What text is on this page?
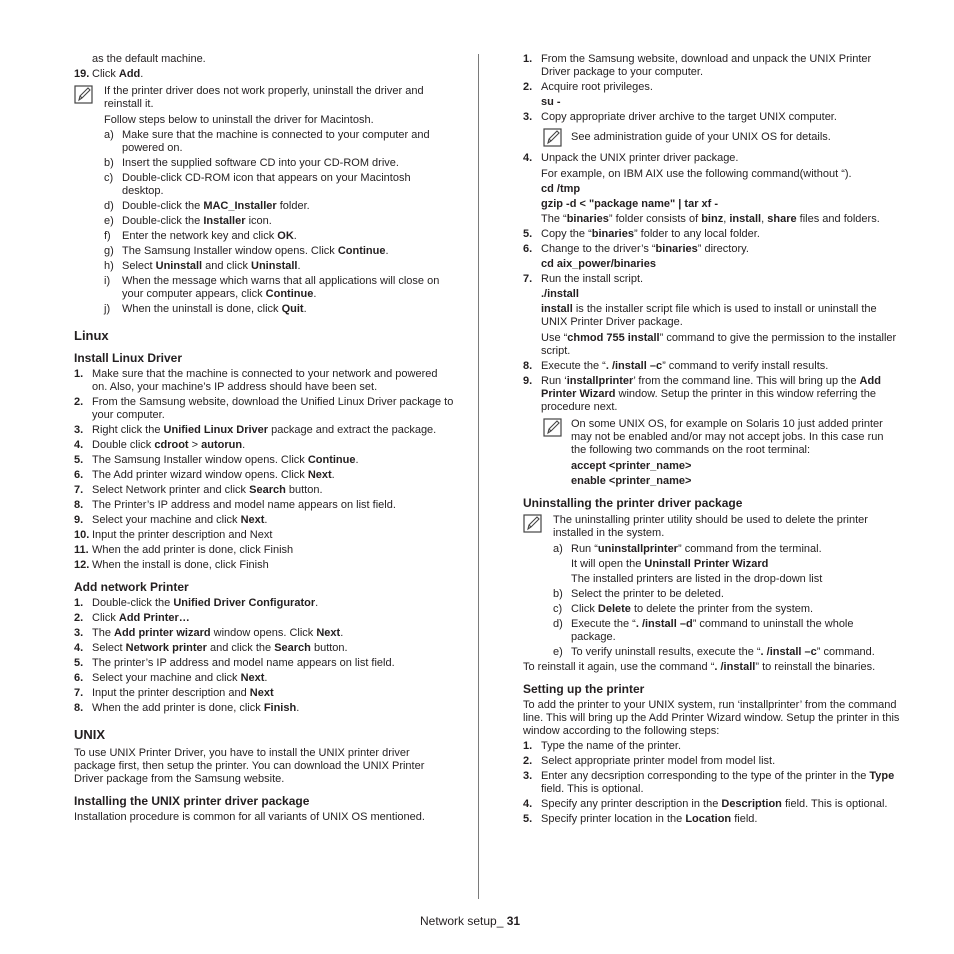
as the default machine.
19. Click Add.
If the printer driver does not work properly, uninstall the driver and reinstall it.
Follow steps below to uninstall the driver for Macintosh.
a) Make sure that the machine is connected to your computer and powered on.
b) Insert the supplied software CD into your CD-ROM drive.
c) Double-click CD-ROM icon that appears on your Macintosh desktop.
d) Double-click the MAC_Installer folder.
e) Double-click the Installer icon.
f) Enter the network key and click OK.
g) The Samsung Installer window opens. Click Continue.
h) Select Uninstall and click Uninstall.
i) When the message which warns that all applications will close on your computer appears, click Continue.
j) When the uninstall is done, click Quit.
Linux
Install Linux Driver
1. Make sure that the machine is connected to your network and powered on. Also, your machine’s IP address should have been set.
2. From the Samsung website, download the Unified Linux Driver package to your computer.
3. Right click the Unified Linux Driver package and extract the package.
4. Double click cdroot > autorun.
5. The Samsung Installer window opens. Click Continue.
6. The Add printer wizard window opens. Click Next.
7. Select Network printer and click Search button.
8. The Printer’s IP address and model name appears on list field.
9. Select your machine and click Next.
10. Input the printer description and Next
11. When the add printer is done, click Finish
12. When the install is done, click Finish
Add network Printer
1. Double-click the Unified Driver Configurator.
2. Click Add Printer…
3. The Add printer wizard window opens. Click Next.
4. Select Network printer and click the Search button.
5. The printer’s IP address and model name appears on list field.
6. Select your machine and click Next.
7. Input the printer description and Next
8. When the add printer is done, click Finish.
UNIX
To use UNIX Printer Driver, you have to install the UNIX printer driver package first, then setup the printer. You can download the UNIX Printer Driver package from the Samsung website.
Installing the UNIX printer driver package
Installation procedure is common for all variants of UNIX OS mentioned.
1. From the Samsung website, download and unpack the UNIX Printer Driver package to your computer.
2. Acquire root privileges.
su -
3. Copy appropriate driver archive to the target UNIX computer.
See administration guide of your UNIX OS for details.
4. Unpack the UNIX printer driver package.
For example, on IBM AIX use the following command(without “).
cd /tmp
gzip -d < "package name" | tar xf -
The “binaries” folder consists of binz, install, share files and folders.
5. Copy the “binaries” folder to any local folder.
6. Change to the driver’s “binaries” directory.
cd aix_power/binaries
7. Run the install script.
./install
install is the installer script file which is used to install or uninstall the UNIX Printer Driver package.
Use “chmod 755 install” command to give the permission to the installer script.
8. Execute the “. /install –c” command to verify install results.
9. Run ‘installprinter’ from the command line. This will bring up the Add Printer Wizard window. Setup the printer in this window referring the procedure next.
On some UNIX OS, for example on Solaris 10 just added printer may not be enabled and/or may not accept jobs. In this case run the following two commands on the root terminal:
accept <printer_name>
enable <printer_name>
Uninstalling the printer driver package
The uninstalling printer utility should be used to delete the printer installed in the system.
a) Run “uninstallprinter” command from the terminal.
It will open the Uninstall Printer Wizard
The installed printers are listed in the drop-down list
b) Select the printer to be deleted.
c) Click Delete to delete the printer from the system.
d) Execute the “. /install –d” command to uninstall the whole package.
e) To verify uninstall results, execute the “. /install –c” command.
To reinstall it again, use the command “. /install” to reinstall the binaries.
Setting up the printer
To add the printer to your UNIX system, run ‘installprinter’ from the command line. This will bring up the Add Printer Wizard window. Setup the printer in this window according to the following steps:
1. Type the name of the printer.
2. Select appropriate printer model from model list.
3. Enter any decsription corresponding to the type of the printer in the Type field. This is optional.
4. Specify any printer description in the Description field. This is optional.
5. Specify printer location in the Location field.
Network setup_ 31
